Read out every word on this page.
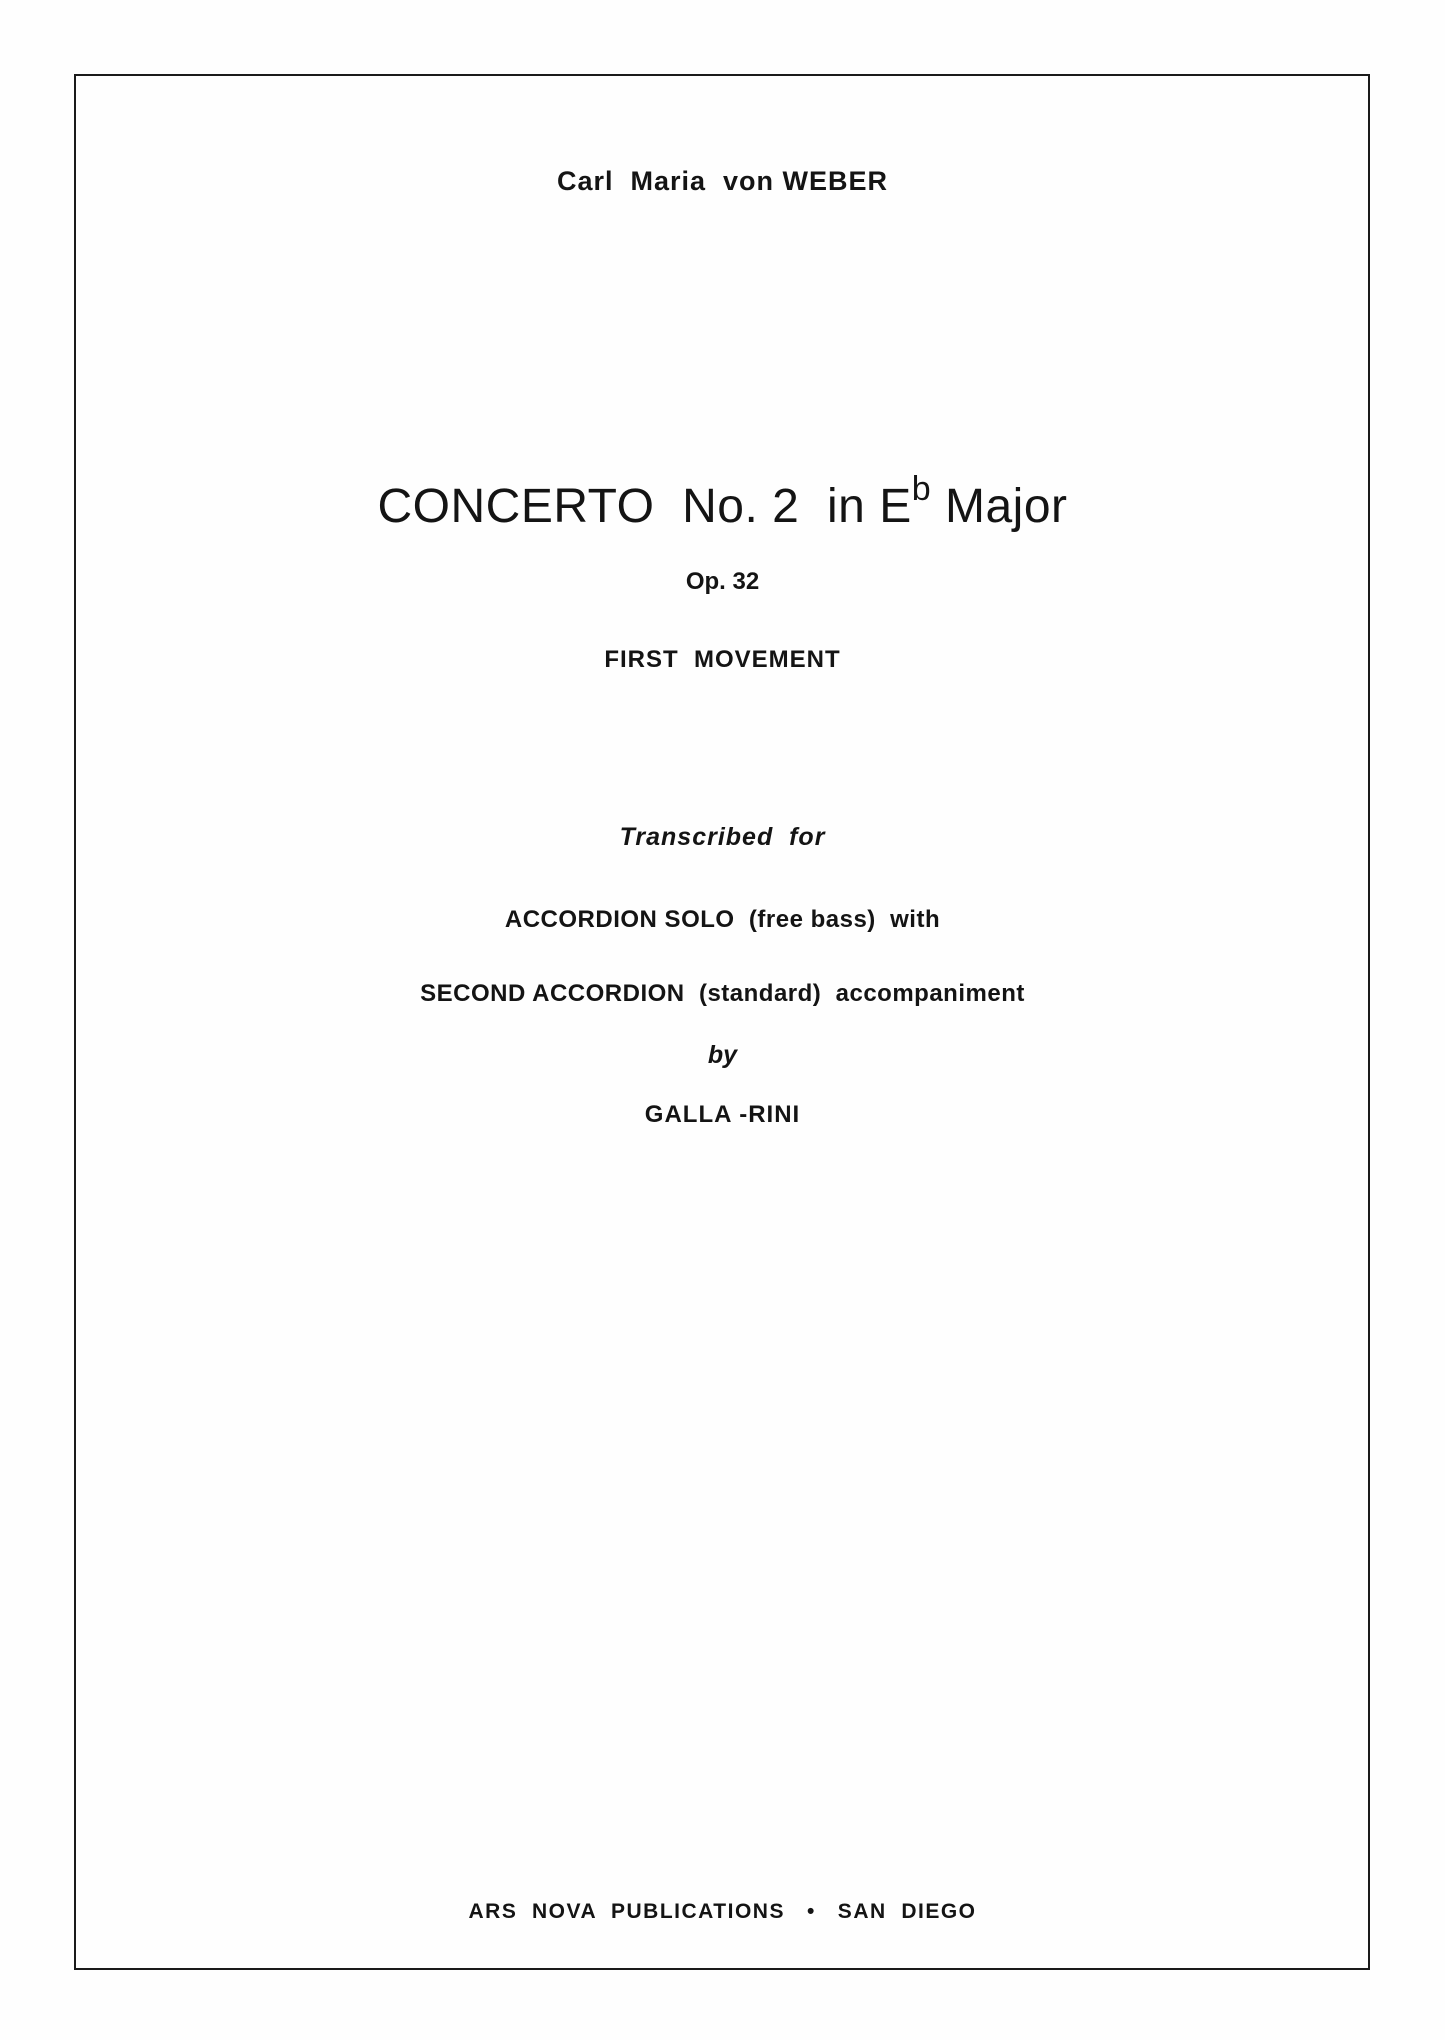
Carl  Maria  von WEBER
CONCERTO  No. 2  in $E^b$ Major
Op. 32
FIRST  MOVEMENT
Transcribed  for
ACCORDION SOLO  (free bass)  with
SECOND ACCORDION  (standard)  accompaniment
by
GALLA -RINI
ARS  NOVA  PUBLICATIONS   •   SAN  DIEGO
